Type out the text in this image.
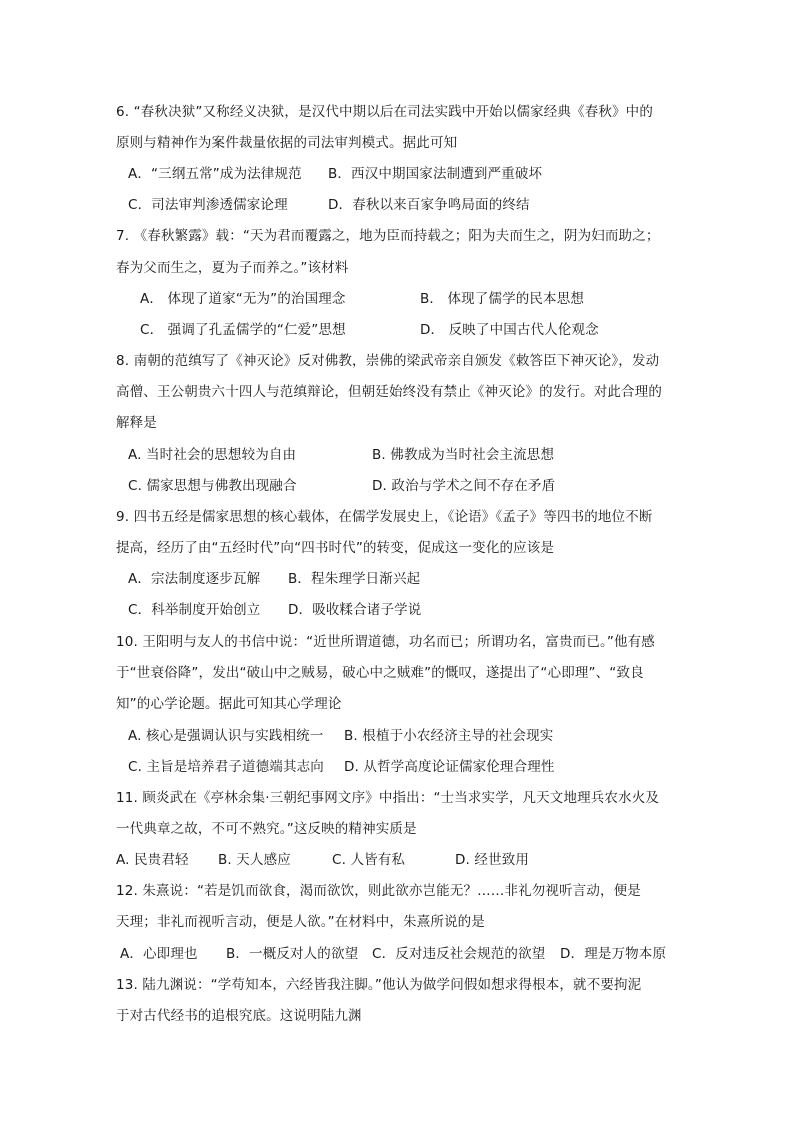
6. “春秋决狱”又称经义决狱，是汉代中期以后在司法实践中开始以儒家经典《春秋》中的
原则与精神作为案件裁量依据的司法审判模式。据此可知
A．“三纲五常”成为法律规范 B．西汉中期国家法制遭到严重破坏
C．司法审判渗透儒家论理	D．春秋以来百家争鸣局面的终结
7. 《春秋繁露》载：“天为君而覆露之，地为臣而持载之；阳为夫而生之，阴为妇而助之；
春为父而生之，夏为子而养之。”该材料
A． 体现了道家“无为”的治国理念	B． 体现了儒学的民本思想
C． 强调了孔孟儒学的“仁爱”思想	D． 反映了中国古代人伦观念
8. 南朝的范缜写了《神灭论》反对佛教，崇佛的梁武帝亲自颁发《敕答臣下神灭论》，发动
高僧、王公朝贵六十四人与范缜辩论，但朝廷始终没有禁止《神灭论》的发行。对此合理的
解释是
A. 当时社会的思想较为自由	B. 佛教成为当时社会主流思想
C. 儒家思想与佛教出现融合	D. 政治与学术之间不存在矛盾
9. 四书五经是儒家思想的核心载体，在儒学发展史上，《论语》《孟子》等四书的地位不断
提高，经历了由“五经时代”向“四书时代”的转变，促成这一变化的应该是
A．宗法制度逐步瓦解 B．程朱理学日渐兴起
C．科举制度开始创立 D．吸收糅合诸子学说
10. 王阳明与友人的书信中说：“近世所谓道德，功名而已；所谓功名，富贵而已。”他有感
于“世衰俗降”，发出“破山中之贼易，破心中之贼难”的慨叹，遂提出了“心即理”、“致良
知”的心学论题。据此可知其心学理论
A. 核心是强调认识与实践相统一 B. 根植于小农经济主导的社会现实
C. 主旨是培养君子道德端其志向 D. 从哲学高度论证儒家伦理合理性
11. 顾炎武在《亭林余集·三朝纪事网文序》中指出：“士当求实学，凡天文地理兵农水火及
一代典章之故，不可不熟究。”这反映的精神实质是
A. 民贵君轻 B. 天人感应	C. 人皆有私	D. 经世致用
12. 朱熹说：“若是饥而欲食，渴而欲饮，则此欲亦岂能无？……非礼勿视听言动，便是
天理；非礼而视听言动，便是人欲。”在材料中，朱熹所说的是
A．心即理也 B．一概反对人的欲望 C．反对违反社会规范的欲望 D．理是万物本原
13. 陆九渊说：“学苟知本，六经皆我注脚。”他认为做学问假如想求得根本，就不要拘泥
于对古代经书的追根究底。这说明陆九渊
